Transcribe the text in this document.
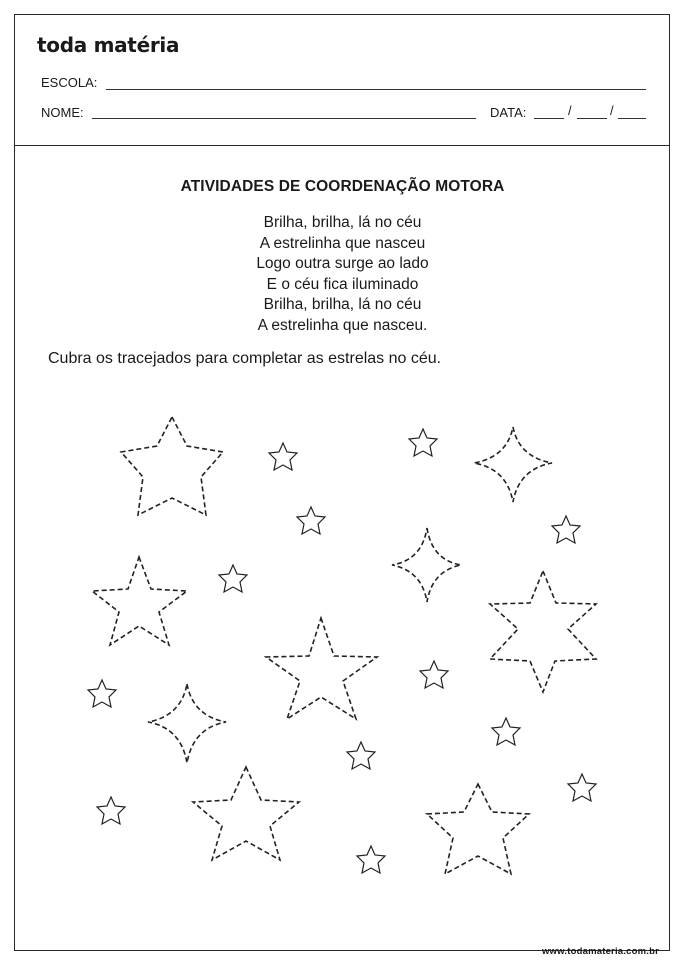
toda matéria
ESCOLA:
NOME:	DATA:	/	/
ATIVIDADES DE COORDENAÇÃO MOTORA
Brilha, brilha, lá no céu
A estrelinha que nasceu
Logo outra surge ao lado
E o céu fica iluminado
Brilha, brilha, lá no céu
A estrelinha que nasceu.
Cubra os tracejados para completar as estrelas no céu.
www.todamateria.com.br
